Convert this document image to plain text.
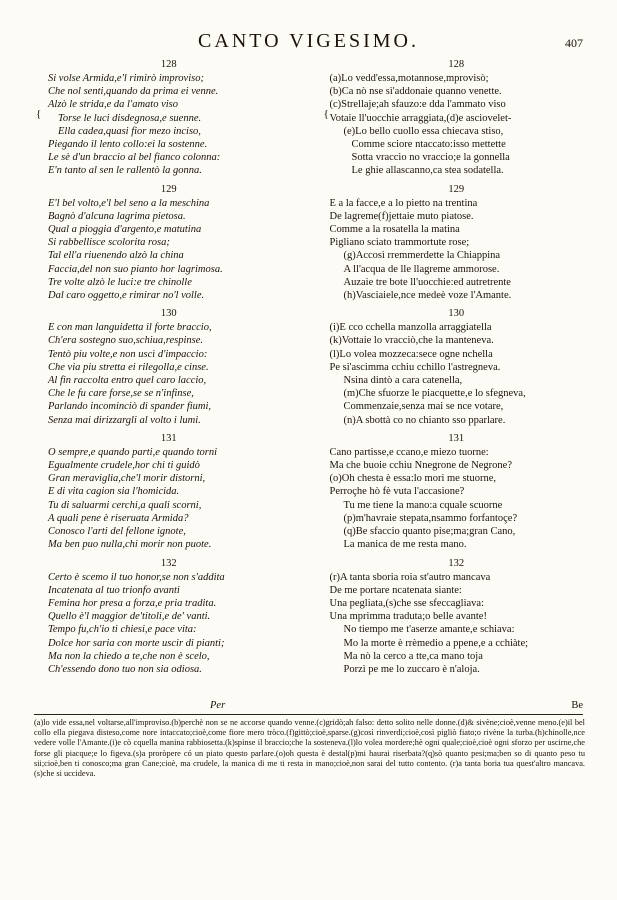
CANTO VIGESIMO.	407
128
Si volse Armida,e'l rimirò improviso;
Che nol senti,quando da prima ei venne.
Alzò le strida,e da l'amato viso
Torse le luci disdegnosa,e suenne.
Ella cadea,quasi fior mezo inciso,
Piegando il lento collo:ei la sostenne.
Le sè d'un braccio al bel fianco colonna:
E'n tanto al sen le rallentò la gonna.
{
129
E'l bel volto,e'l bel seno a la meschina
Bagnò d'alcuna lagrima pietosa.
Qual a pioggia d'argento,e matutina
Si rabbellisce scolorita rosa;
Tal ell'a riuenendo alzò la china
Faccia,del non suo pianto hor lagrimosa.
Tre volte alzò le luci:e tre chinolle
Dal caro oggetto,e rimirar no'l volle.
130
E con man languidetta il forte braccio,
Ch'era sostegno suo,schiua,respinse.
Tentò piu volte,e non uscì d'impaccio:
Che via piu stretta ei rilegolla,e cinse.
Al fin raccolta entro quel caro laccio,
Che le fu care forse,se se n'infinse,
Parlando incominciò di spander fiumi,
Senza mai dirizzargli al volto i lumi.
131
O sempre,e quando parti,e quando torni
Egualmente crudele,hor chi ti guidò
Gran meraviglia,che'l morir distorni,
E di vita cagion sia l'homicida.
Tu di saluarmi cerchi,a quali scorni,
A quali pene è riseruata Armida?
Conosco l'arti del fellone ignote,
Ma ben puo nulla,chi morir non puote.
132
Certo è scemo il tuo honor,se non s'addita
Incatenata al tuo trionfo avanti
Femina hor presa a forza,e pria tradita.
Quello è'l maggior de'titoli,e de' vanti.
Tempo fu,ch'io ti chiesi,e pace vita:
Dolce hor saria con morte uscir di pianti;
Ma non la chiedo a te,che non è scelo,
Ch'essendo dono tuo non sia odiosa.
128
(a)Lo vedd'essa,motannose,mprovisò;
(b)Ca nò nse sì'addonaie quanno venette.
(c)Strellaje;ah sfauzo:e dda l'ammato viso
Votaie ll'uocchie arraggiata,(d)e asciovelet-
(e)Lo bello cuollo essa chiecava stiso,
Comme sciore ntaccato:isso mettette
Sotta vraccio no vraccio;e la gonnella
Le ghie allascanno,ca stea sodatella.
{
129
E a la facce,e a lo pietto na trentina
De lagreme(f)jettaie muto piatose.
Comme a la rosatella la matina
Pigliano sciato trammortute rose;
(g)Accosì rremmerdette la Chiappina
A ll'acqua de lle llagreme ammorose.
Auzaie tre bote ll'uocchie:ed autretrente
(h)Vasciaiele,nce medeè voze l'Amante.
130
(i)E cco cchella manzolla arraggiatella
(k)Vottaie lo vracciò,che la manteneva.
(l)Lo volea mozzeca:sece ogne nchella
Pe si'ascimma cchiu cchillo l'astregneva.
Nsina dintò a cara catenella,
(m)Che sfuorze le piacquette,e lo sfegneva,
Commenzaie,senza mai se nce votare,
(n)A sbottà co no chianto sso pparlare.
131
Cano partisse,e ccano,e miezo tuorne:
Ma che buoie cchiu Nnegrone de Negrone?
(o)Oh chesta è essa:lo mori me stuorne,
Perroçhe hò fè vuta l'accasione?
Tu me tiene la mano:a cquale scuorne
(p)m'havraie stepata,nsammo forfantoçe?
(q)Be sfaccio quanto pise;ma;gran Cano,
La manica de me resta mano.
132
(r)A tanta sboria roia st'autro mancava
De me portare ncatenata siante:
Una pegliata,(s)che sse sfeccagliava:
Una mprimma traduta;o belle avante!
No tiempo me t'aserze amante,e schiava:
Mo la morte è rrèmedio a ppene,e a cchiàte;
Ma nò la cerco a tte,ca mano toja
Porzì pe me lo zuccaro è n'aloja.
Per	Be
(a)lo vide essa,nel voltarse,all'improviso.(b)perchè non se ne accorse quando venne.(c)gridò;ah falso: detto solito nelle donne.(d)& sivène;cioè,venne meno.(e)il bel collo ella piegava disteso,come nore intaccato;cioè,come fiore mero tròco.(f)gittò;cioè,sparse.(g)così rinverdi;cioè,così pigliò fiato;o rivène la turba.(h)chinolle,nce vedere volle l'Amante.(i)e cò cquella manina rabbiosetta.(k)spinse il braccio;che la sosteneva.(l)lo volea mordere;hè ogni quale;cioè,cioè ogni sforzo per uscirne,che forse gli piacque;e lo figeva.(s)a proròpere có un piato questo parlare.(o)oh questa è destal(p)mi haurai riserbata?(q)sò quanto pesi;ma;ben so di quanto peso tu sii;cioè,ben ti conosco;ma gran Cane;cioè, ma crudele, la manica di me ti resta in mano;cioè,non sarai del tutto contento. (r)a tanta boria tua quest'altro mancava.(s)che si uccideva.
